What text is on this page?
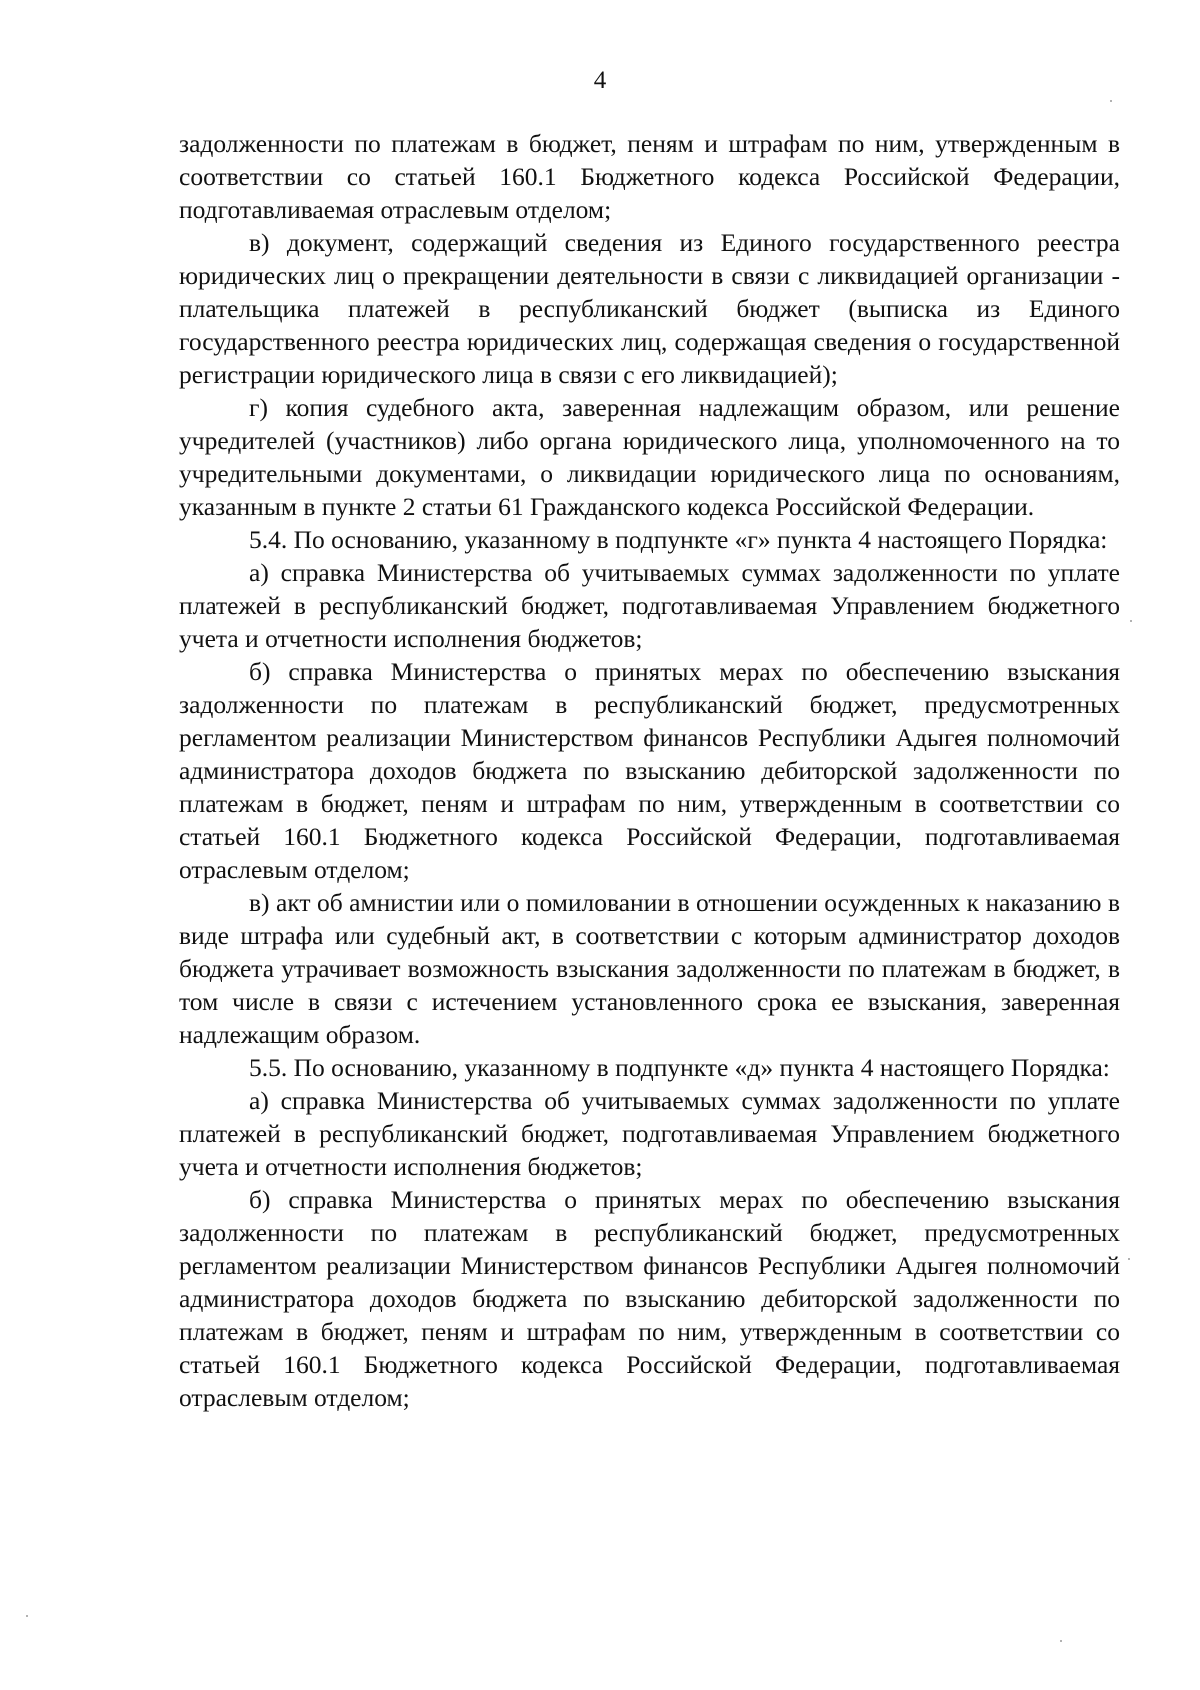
4

задолженности по платежам в бюджет, пеням и штрафам по ним, утвержденным в соответствии со статьей 160.1 Бюджетного кодекса Российской Федерации, подготавливаемая отраслевым отделом;

в) документ, содержащий сведения из Единого государственного реестра юридических лиц о прекращении деятельности в связи с ликвидацией организации - плательщика платежей в республиканский бюджет (выписка из Единого государственного реестра юридических лиц, содержащая сведения о государственной регистрации юридического лица в связи с его ликвидацией);

г) копия судебного акта, заверенная надлежащим образом, или решение учредителей (участников) либо органа юридического лица, уполномоченного на то учредительными документами, о ликвидации юридического лица по основаниям, указанным в пункте 2 статьи 61 Гражданского кодекса Российской Федерации.

5.4. По основанию, указанному в подпункте «г» пункта 4 настоящего Порядка:

а) справка Министерства об учитываемых суммах задолженности по уплате платежей в республиканский бюджет, подготавливаемая Управлением бюджетного учета и отчетности исполнения бюджетов;

б) справка Министерства о принятых мерах по обеспечению взыскания задолженности по платежам в республиканский бюджет, предусмотренных регламентом реализации Министерством финансов Республики Адыгея полномочий администратора доходов бюджета по взысканию дебиторской задолженности по платежам в бюджет, пеням и штрафам по ним, утвержденным в соответствии со статьей 160.1 Бюджетного кодекса Российской Федерации, подготавливаемая отраслевым отделом;

в) акт об амнистии или о помиловании в отношении осужденных к наказанию в виде штрафа или судебный акт, в соответствии с которым администратор доходов бюджета утрачивает возможность взыскания задолженности по платежам в бюджет, в том числе в связи с истечением установленного срока ее взыскания, заверенная надлежащим образом.

5.5. По основанию, указанному в подпункте «д» пункта 4 настоящего Порядка:

а) справка Министерства об учитываемых суммах задолженности по уплате платежей в республиканский бюджет, подготавливаемая Управлением бюджетного учета и отчетности исполнения бюджетов;

б) справка Министерства о принятых мерах по обеспечению взыскания задолженности по платежам в республиканский бюджет, предусмотренных регламентом реализации Министерством финансов Республики Адыгея полномочий администратора доходов бюджета по взысканию дебиторской задолженности по платежам в бюджет, пеням и штрафам по ним, утвержденным в соответствии со статьей 160.1 Бюджетного кодекса Российской Федерации, подготавливаемая отраслевым отделом;
